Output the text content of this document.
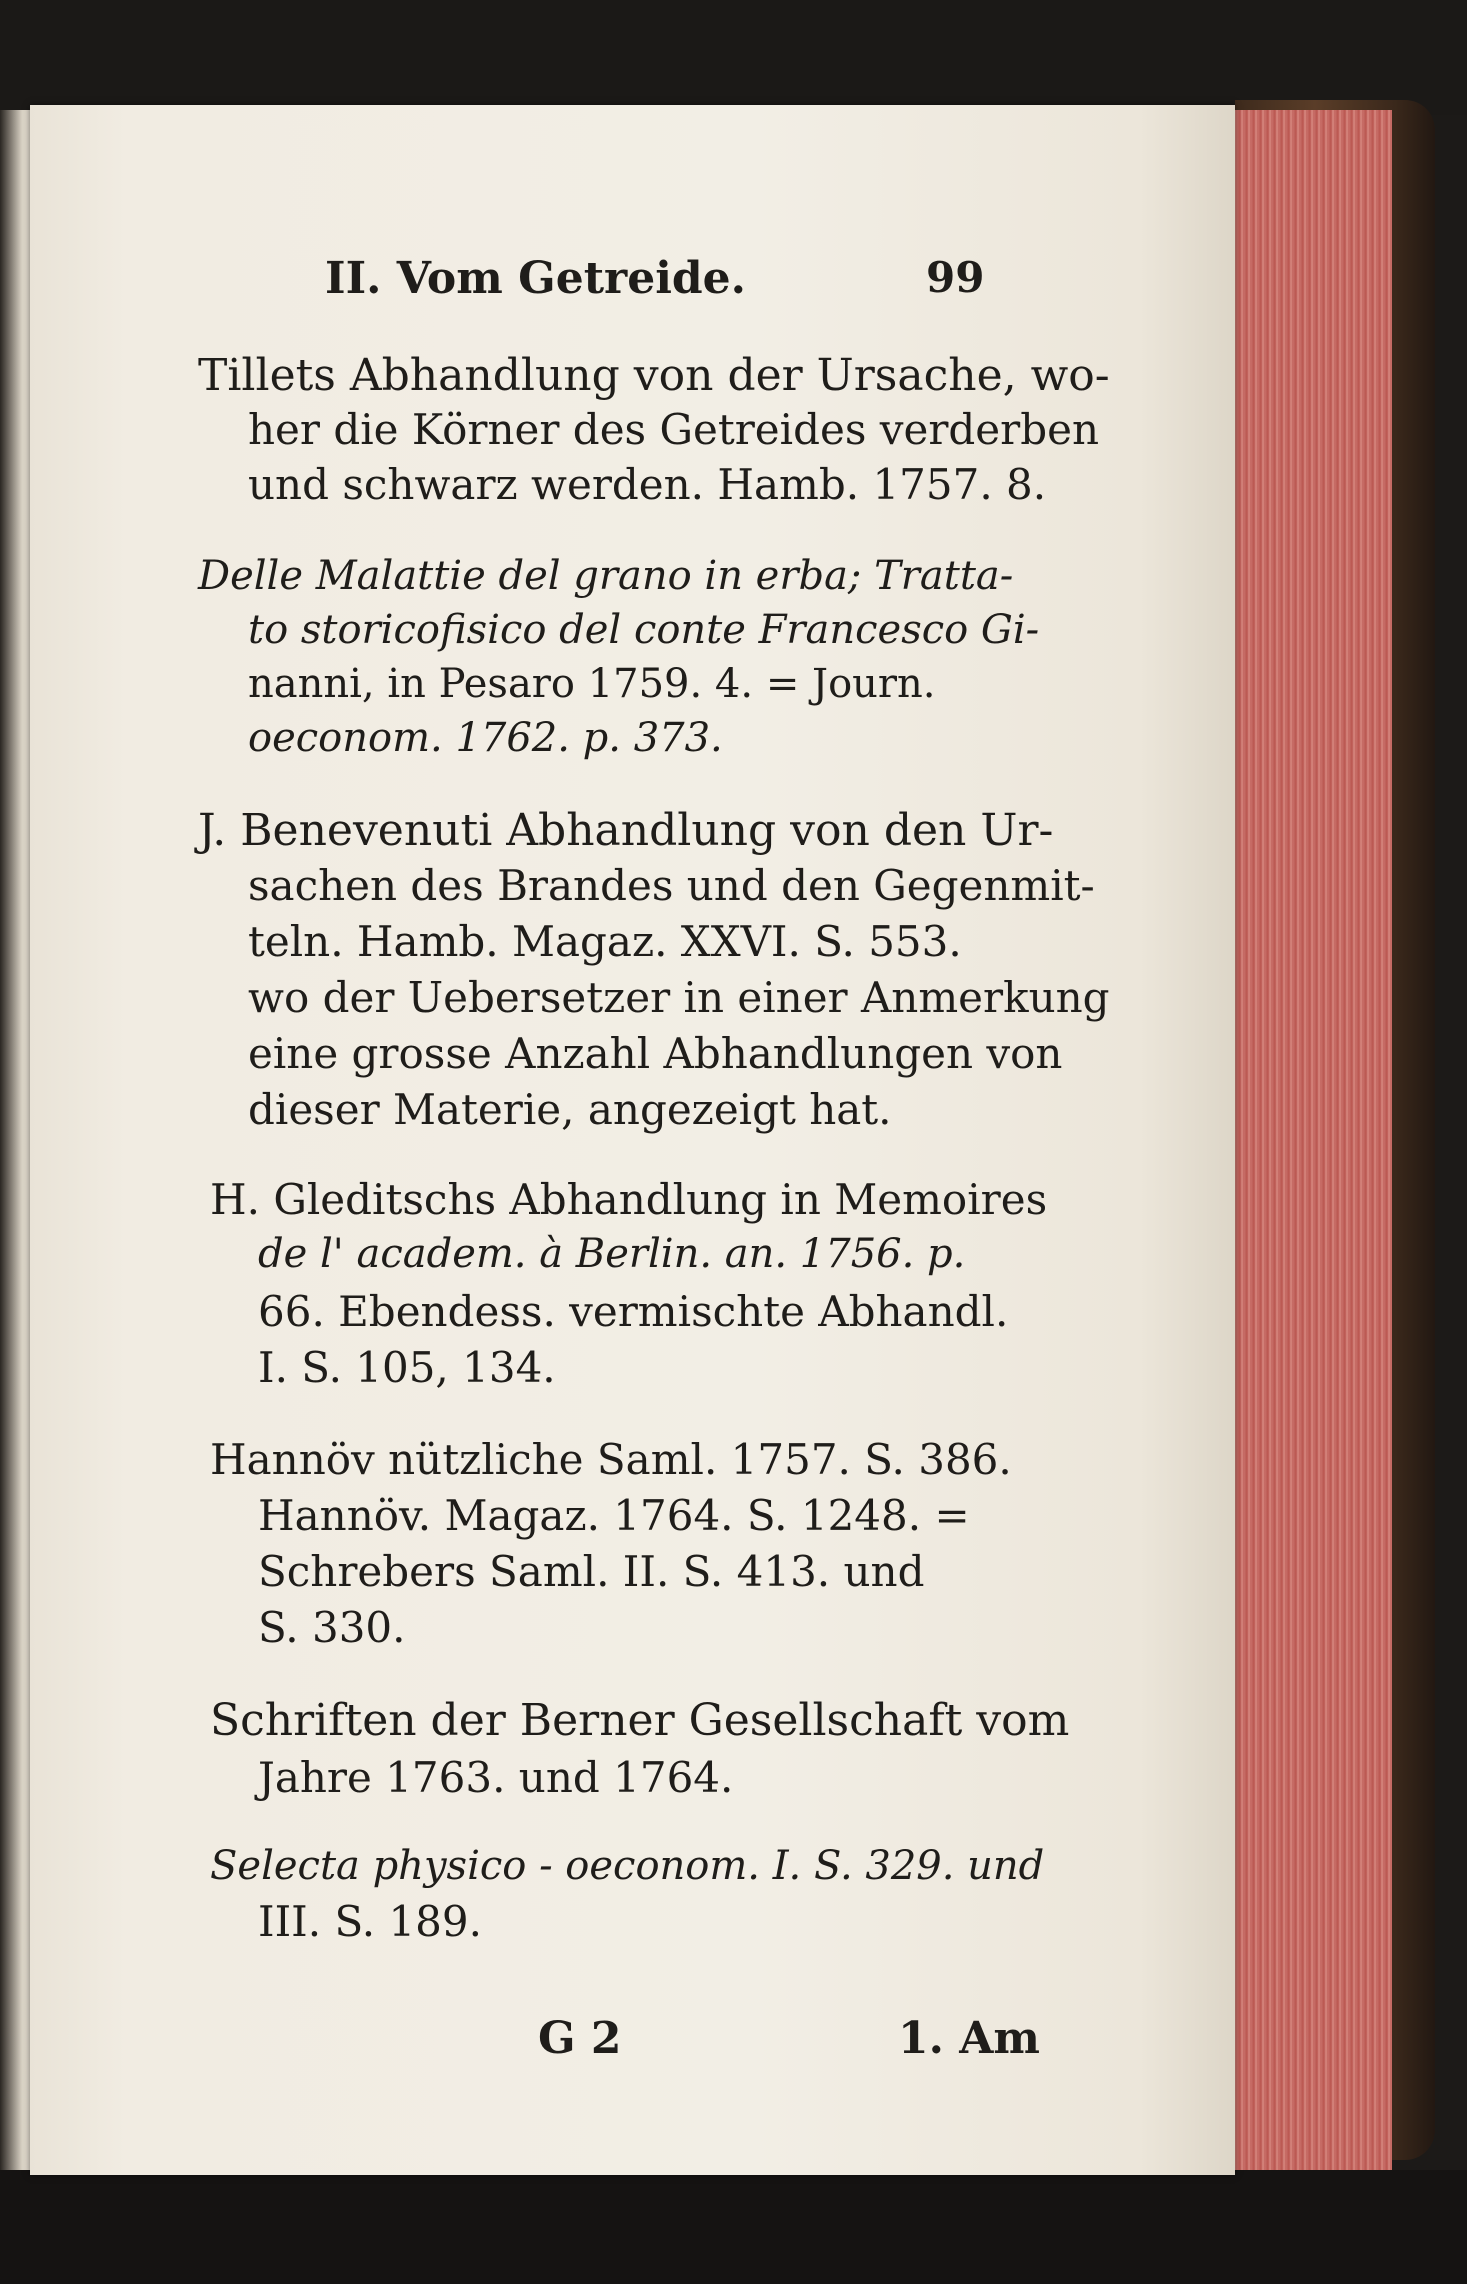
II. Vom Getreide.	99
Tillets Abhandlung von der Ursache, wo-
her die Körner des Getreides verderben
und schwarz werden. Hamb. 1757. 8.
Delle Malattie del grano in erba; Tratta-
to storicofisico del conte Francesco Gi-
nanni, in Pesaro 1759. 4. = Journ.
oeconom. 1762. p. 373.
J. Benevenuti Abhandlung von den Ur-
sachen des Brandes und den Gegenmit-
teln. Hamb. Magaz. XXVI. S. 553.
wo der Uebersetzer in einer Anmerkung
eine grosse Anzahl Abhandlungen von
dieser Materie, angezeigt hat.
H. Gleditschs Abhandlung in Memoires
de l' academ. à Berlin. an. 1756. p.
66. Ebendess. vermischte Abhandl.
I. S. 105, 134.
Hannöv nützliche Saml. 1757. S. 386.
Hannöv. Magaz. 1764. S. 1248. =
Schrebers Saml. II. S. 413. und
S. 330.
Schriften der Berner Gesellschaft vom
Jahre 1763. und 1764.
Selecta physico - oeconom. I. S. 329. und
III. S. 189.
G 2	1. Am
